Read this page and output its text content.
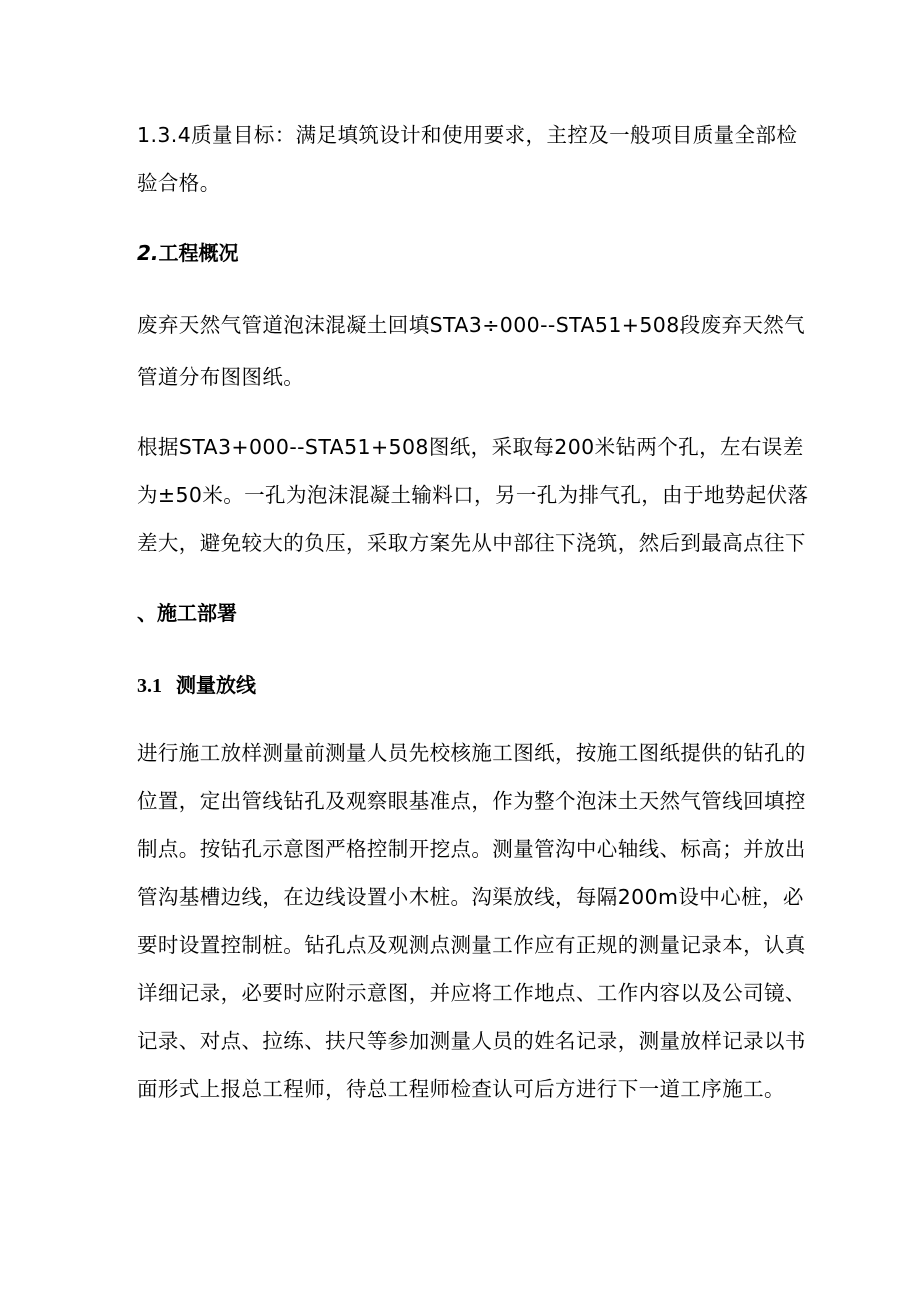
1.3.4质量目标：满足填筑设计和使用要求，主控及一般项目质量全部检

验合格。

2.工程概况

废弃天然气管道泡沫混凝土回填STA3÷000--STA51+508段废弃天然气

管道分布图图纸。

根据STA3+000--STA51+508图纸，采取每200米钻两个孔，左右误差

为±50米。一孔为泡沫混凝土输料口，另一孔为排气孔，由于地势起伏落

差大，避免较大的负压，采取方案先从中部往下浇筑，然后到最高点往下

、施工部署
3.1 测量放线

进行施工放样测量前测量人员先校核施工图纸，按施工图纸提供的钻孔的

位置，定出管线钻孔及观察眼基准点，作为整个泡沫土天然气管线回填控

制点。按钻孔示意图严格控制开挖点。测量管沟中心轴线、标高；并放出

管沟基槽边线，在边线设置小木桩。沟渠放线，每隔200m设中心桩，必

要时设置控制桩。钻孔点及观测点测量工作应有正规的测量记录本，认真

详细记录，必要时应附示意图，并应将工作地点、工作内容以及公司镜、

记录、对点、拉练、扶尺等参加测量人员的姓名记录，测量放样记录以书

面形式上报总工程师，待总工程师检查认可后方进行下一道工序施工。
